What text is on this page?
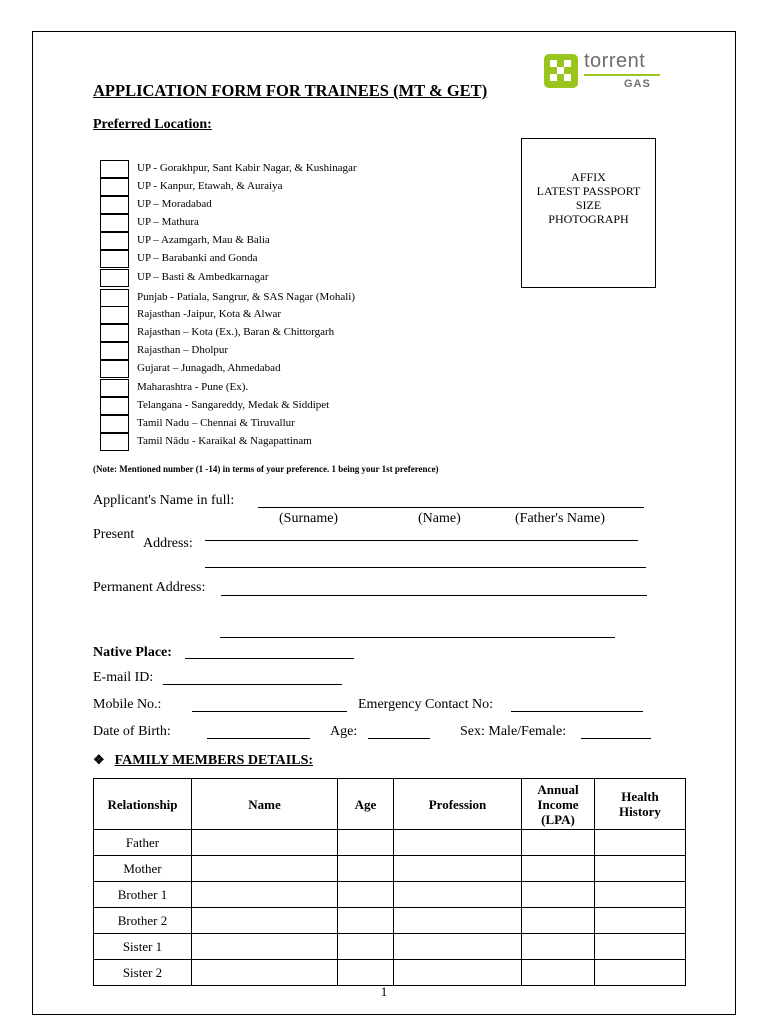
torrent
GAS
APPLICATION FORM FOR TRAINEES (MT & GET)
Preferred Location:
UP - Gorakhpur, Sant Kabir Nagar, & Kushinagar
UP - Kanpur, Etawah, & Auraiya
UP – Moradabad
UP – Mathura
UP – Azamgarh, Mau & Balia
UP – Barabanki and Gonda
UP – Basti & Ambedkarnagar
Punjab - Patiala, Sangrur, & SAS Nagar (Mohali)
Rajasthan -Jaipur, Kota & Alwar
Rajasthan – Kota (Ex.), Baran & Chittorgarh
Rajasthan – Dholpur
Gujarat – Junagadh, Ahmedabad
Maharashtra - Pune (Ex).
Telangana - Sangareddy, Medak & Siddipet
Tamil Nadu – Chennai & Tiruvallur
Tamil Nādu - Karaikal & Nagapattinam
AFFIX
LATEST PASSPORT
SIZE
PHOTOGRAPH
(Note: Mentioned number (1 -14) in terms of your preference. 1 being your 1st preference)
Applicant's Name in full:
(Surname)	(Name)	(Father's Name)
Present
Address:
Permanent Address:
Native Place:
E-mail ID:
Mobile No.:	Emergency Contact No:
Date of Birth:	Age:	Sex: Male/Female:
❖ FAMILY MEMBERS DETAILS:
Relationship	Name	Age	Profession	Annual Income (LPA)	Health History
Father					
Mother					
Brother 1					
Brother 2					
Sister 1					
Sister 2					
1
